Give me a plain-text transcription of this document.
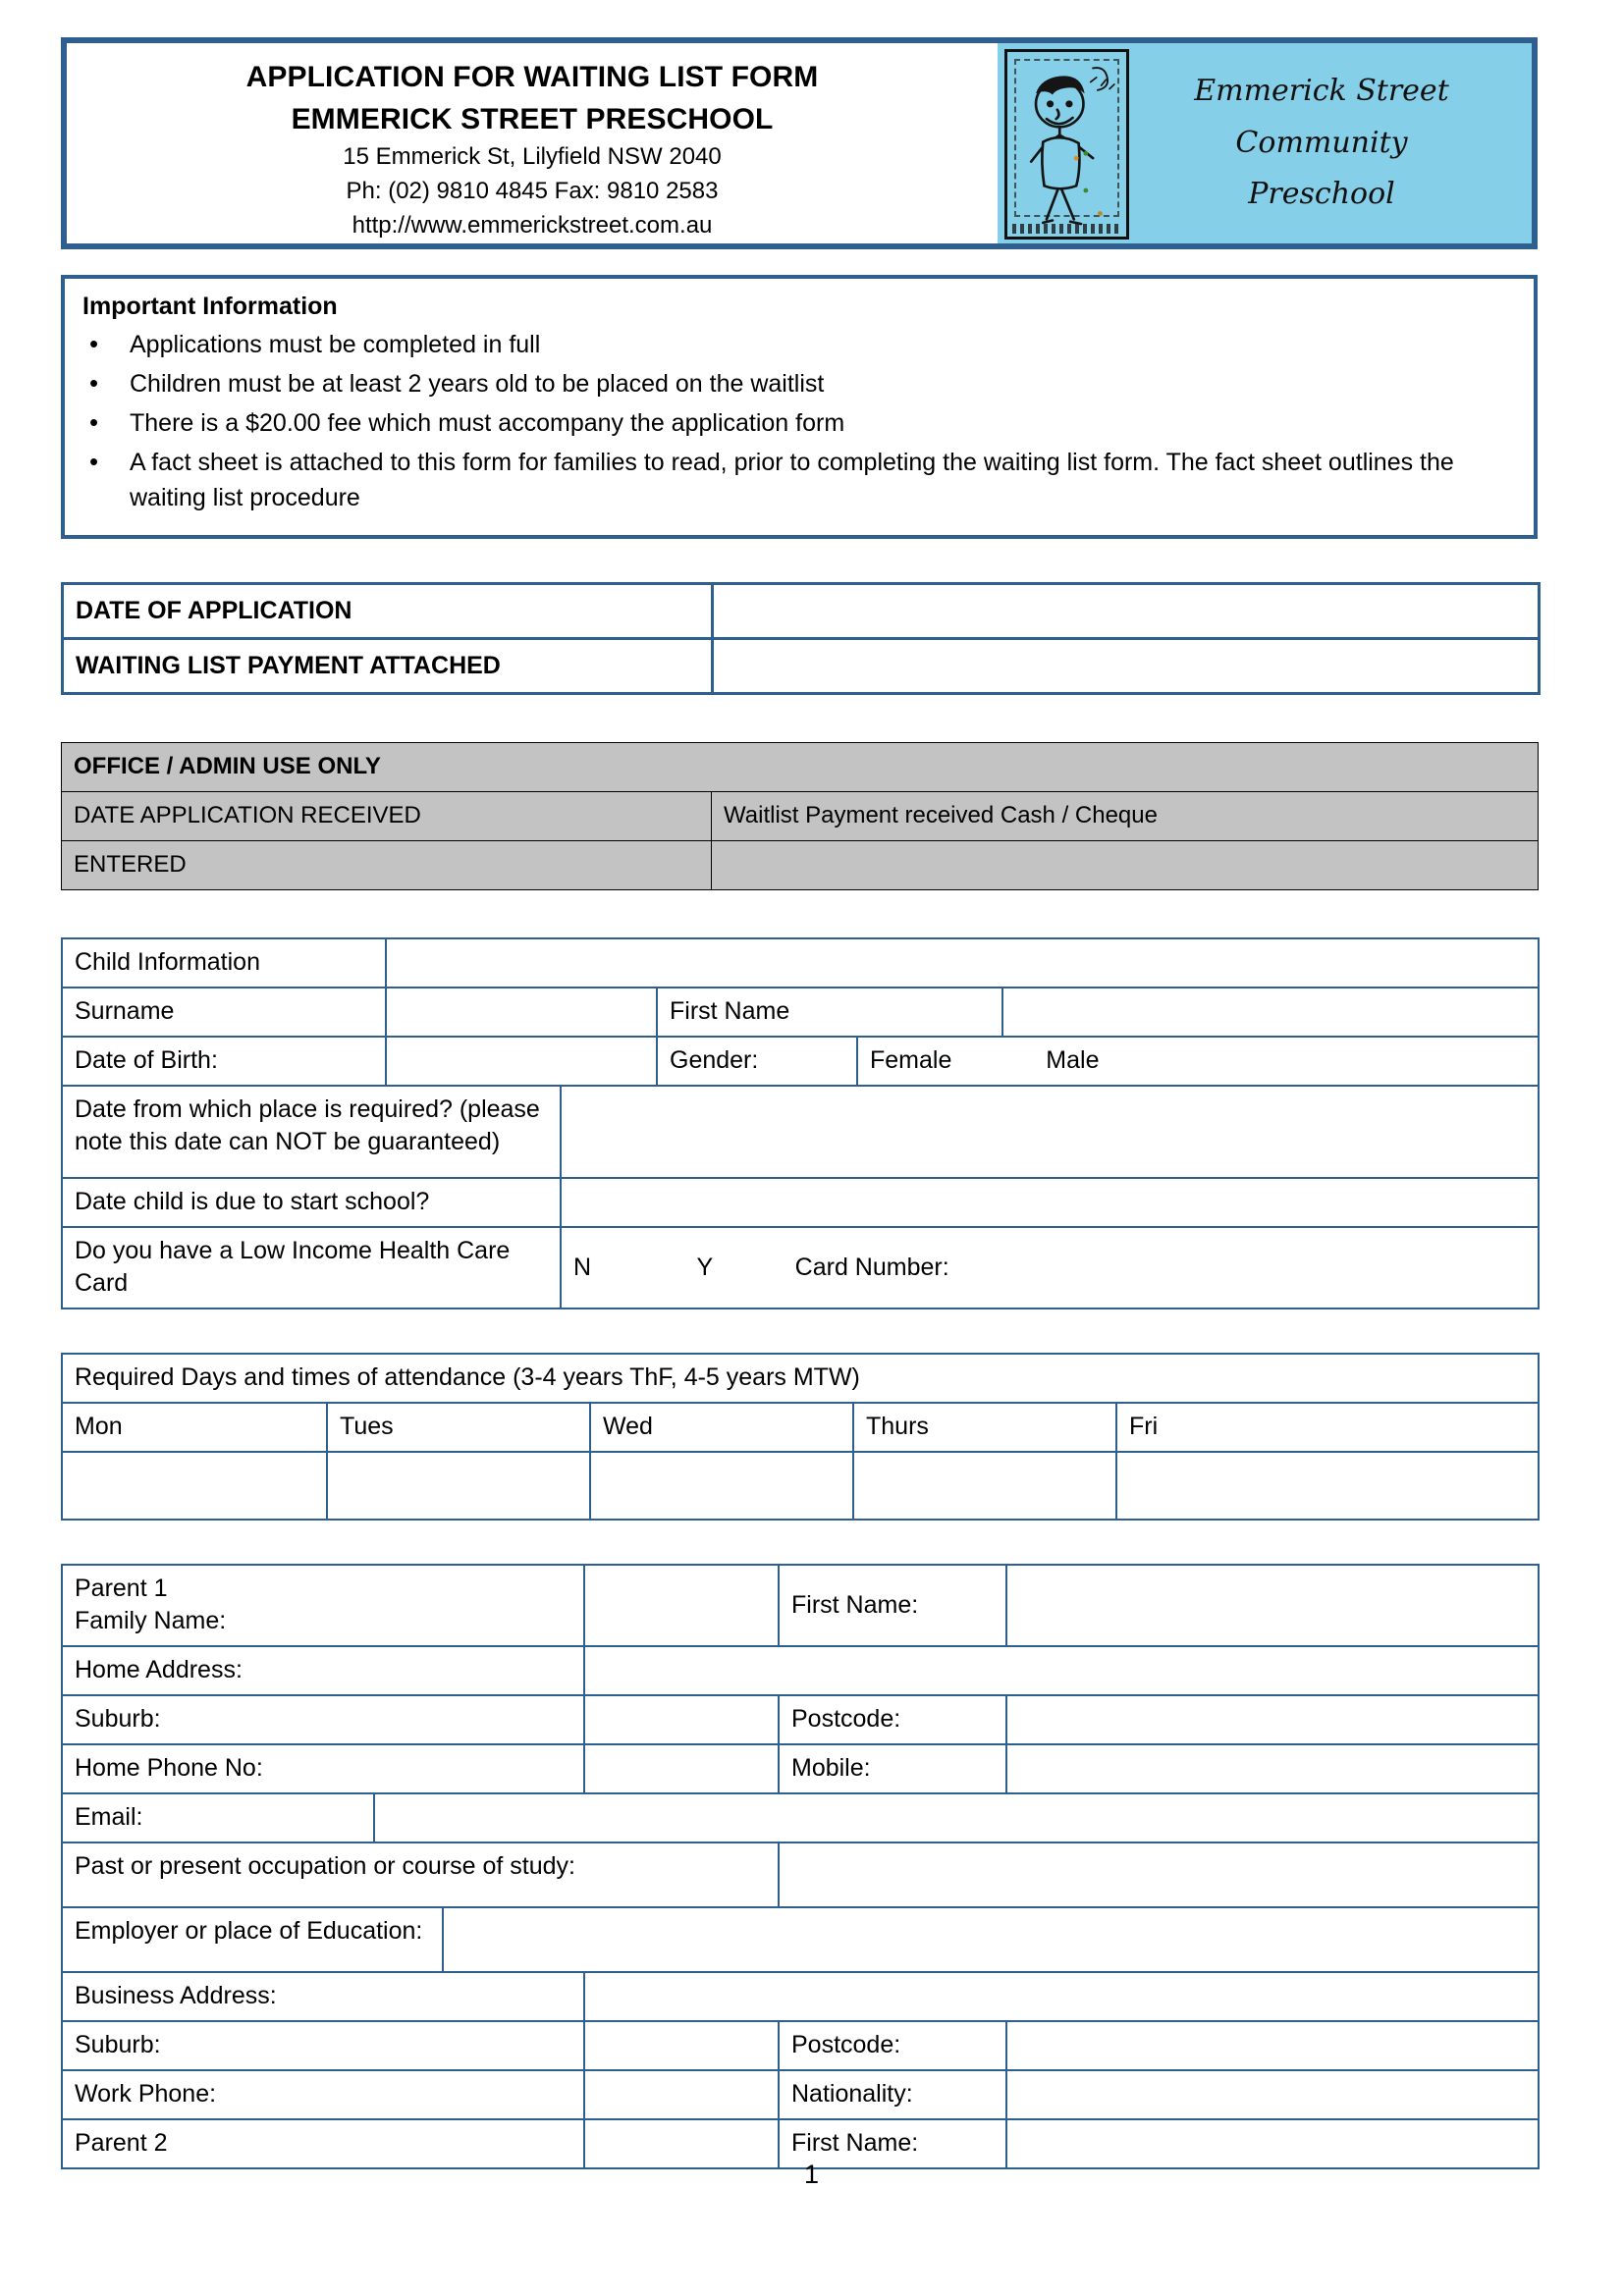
APPLICATION FOR WAITING LIST FORM
EMMERICK STREET PRESCHOOL
15 Emmerick St, Lilyfield NSW 2040
Ph: (02) 9810 4845 Fax: 9810 2583
http://www.emmerickstreet.com.au
Emmerick Street
Community
Preschool
Important Information
• Applications must be completed in full
• Children must be at least 2 years old to be placed on the waitlist
• There is a $20.00 fee which must accompany the application form
• A fact sheet is attached to this form for families to read, prior to completing the waiting list form. The fact sheet outlines the waiting list procedure
DATE OF APPLICATION	
WAITING LIST PAYMENT ATTACHED	
OFFICE / ADMIN USE ONLY	
DATE APPLICATION RECEIVED	Waitlist Payment received Cash / Cheque
ENTERED	
Child Information					
Surname			First Name		
Date of Birth:			Gender:	Female Male	
Date from which place is required? (please note this date can NOT be guaranteed)					
Date child is due to start school?					
Do you have a Low Income Health Care Card		N Y Card Number:			
Required Days and times of attendance (3-4 years ThF, 4-5 years MTW)				
Mon	Tues	Wed	Thurs	Fri

Parent 1
Family Name:				First Name:	
Home Address:					
Suburb:				Postcode:	
Home Phone No:				Mobile:	
Email:					
Past or present occupation or course of study:					
Employer or place of Education:					
Business Address:					
Suburb:				Postcode:	
Work Phone:				Nationality:	
Parent 2				First Name:	
1
